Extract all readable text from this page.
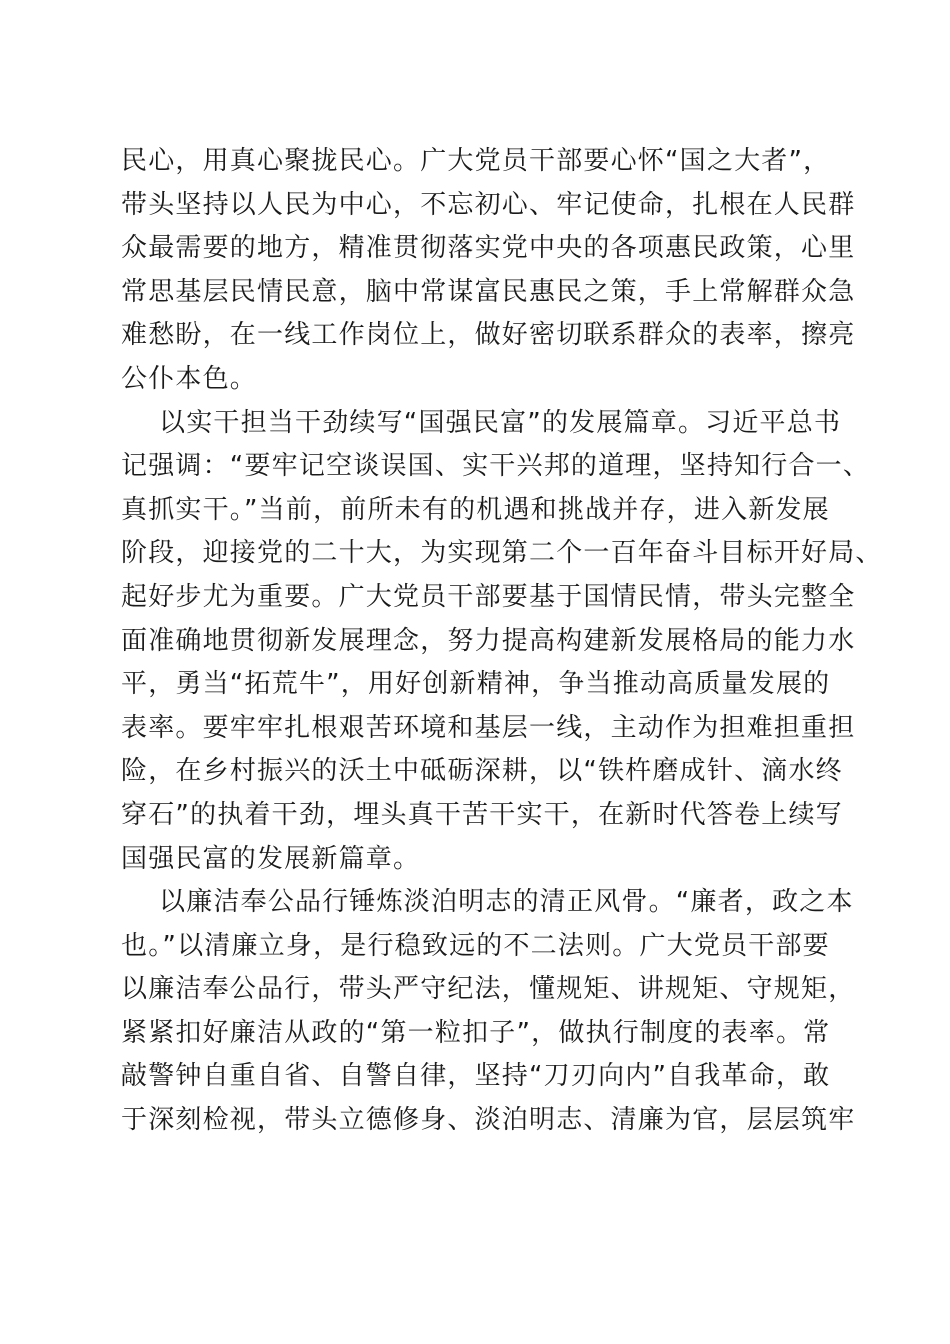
民心，用真心聚拢民心。广大党员干部要心怀“国之大者”，
带头坚持以人民为中心，不忘初心、牢记使命，扎根在人民群
众最需要的地方，精准贯彻落实党中央的各项惠民政策，心里
常思基层民情民意，脑中常谋富民惠民之策，手上常解群众急
难愁盼，在一线工作岗位上，做好密切联系群众的表率，擦亮
公仆本色。
以实干担当干劲续写“国强民富”的发展篇章。习近平总书
记强调：“要牢记空谈误国、实干兴邦的道理，坚持知行合一、
真抓实干。”当前，前所未有的机遇和挑战并存，进入新发展
阶段，迎接党的二十大，为实现第二个一百年奋斗目标开好局、
起好步尤为重要。广大党员干部要基于国情民情，带头完整全
面准确地贯彻新发展理念，努力提高构建新发展格局的能力水
平，勇当“拓荒牛”，用好创新精神，争当推动高质量发展的
表率。要牢牢扎根艰苦环境和基层一线，主动作为担难担重担
险，在乡村振兴的沃土中砥砺深耕，以“铁杵磨成针、滴水终
穿石”的执着干劲，埋头真干苦干实干，在新时代答卷上续写
国强民富的发展新篇章。
以廉洁奉公品行锤炼淡泊明志的清正风骨。“廉者，政之本
也。”以清廉立身，是行稳致远的不二法则。广大党员干部要
以廉洁奉公品行，带头严守纪法，懂规矩、讲规矩、守规矩，
紧紧扣好廉洁从政的“第一粒扣子”，做执行制度的表率。常
敲警钟自重自省、自警自律，坚持“刀刃向内”自我革命，敢
于深刻检视，带头立德修身、淡泊明志、清廉为官，层层筑牢
